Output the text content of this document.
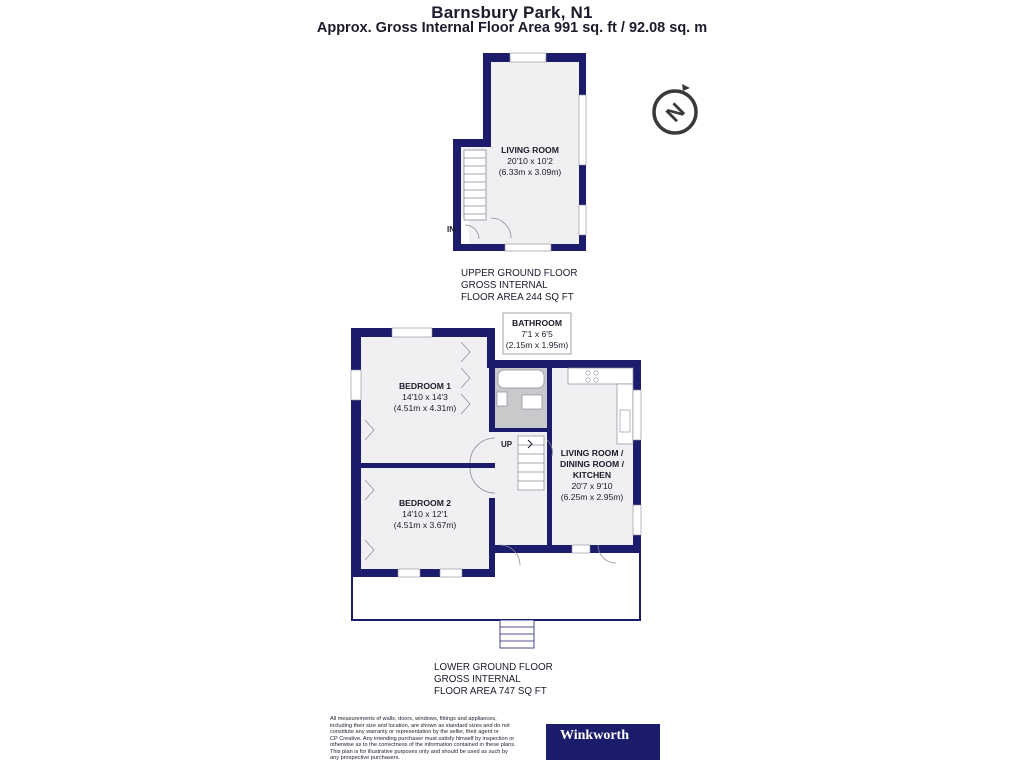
Barnsbury Park, N1
Approx. Gross Internal Floor Area 991 sq. ft / 92.08 sq. m
IN
LIVING ROOM
20'10 x 10'2
(6.33m x 3.09m)
UPPER GROUND FLOOR
GROSS INTERNAL
FLOOR AREA 244 SQ FT
N
UP
BATHROOM
7'1 x 6'5
(2.15m x 1.95m)
BEDROOM 1
14'10 x 14'3
(4.51m x 4.31m)
BEDROOM 2
14'10 x 12'1
(4.51m x 3.67m)
LIVING ROOM /
DINING ROOM /
KITCHEN
20'7 x 9'10
(6.25m x 2.95m)
LOWER GROUND FLOOR
GROSS INTERNAL
FLOOR AREA 747 SQ FT
All measurements of walls, doors, windows, fittings and appliances,
including their size and location, are shown as standard sizes and do not
constitute any warranty or representation by the seller, their agent or
CP Creative. Any intending purchaser must satisfy himself by inspection or
otherwise as to the correctness of the information contained in these plans.
This plan is for illustrative purposes only and should be used as such by
any prospective purchasers.
Winkworth
